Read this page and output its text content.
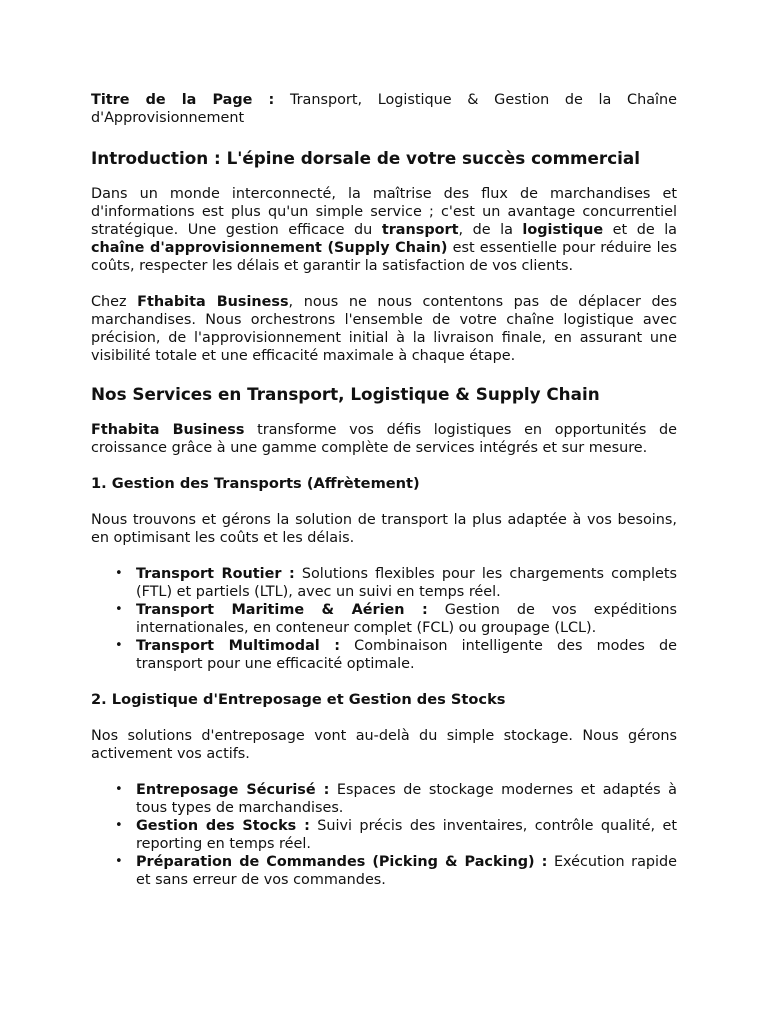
Titre de la Page : Transport, Logistique & Gestion de la Chaîne d'Approvisionnement

Introduction : L'épine dorsale de votre succès commercial

Dans un monde interconnecté, la maîtrise des flux de marchandises et d'informations est plus qu'un simple service ; c'est un avantage concurrentiel stratégique. Une gestion efficace du transport, de la logistique et de la chaîne d'approvisionnement (Supply Chain) est essentielle pour réduire les coûts, respecter les délais et garantir la satisfaction de vos clients.

Chez Fthabita Business, nous ne nous contentons pas de déplacer des marchandises. Nous orchestrons l'ensemble de votre chaîne logistique avec précision, de l'approvisionnement initial à la livraison finale, en assurant une visibilité totale et une efficacité maximale à chaque étape.

Nos Services en Transport, Logistique & Supply Chain

Fthabita Business transforme vos défis logistiques en opportunités de croissance grâce à une gamme complète de services intégrés et sur mesure.

1. Gestion des Transports (Affrètement)

Nous trouvons et gérons la solution de transport la plus adaptée à vos besoins, en optimisant les coûts et les délais.

• Transport Routier : Solutions flexibles pour les chargements complets (FTL) et partiels (LTL), avec un suivi en temps réel.
• Transport Maritime & Aérien : Gestion de vos expéditions internationales, en conteneur complet (FCL) ou groupage (LCL).
• Transport Multimodal : Combinaison intelligente des modes de transport pour une efficacité optimale.
2. Logistique d'Entreposage et Gestion des Stocks

Nos solutions d'entreposage vont au-delà du simple stockage. Nous gérons activement vos actifs.

• Entreposage Sécurisé : Espaces de stockage modernes et adaptés à tous types de marchandises.
• Gestion des Stocks : Suivi précis des inventaires, contrôle qualité, et reporting en temps réel.
• Préparation de Commandes (Picking & Packing) : Exécution rapide et sans erreur de vos commandes.
